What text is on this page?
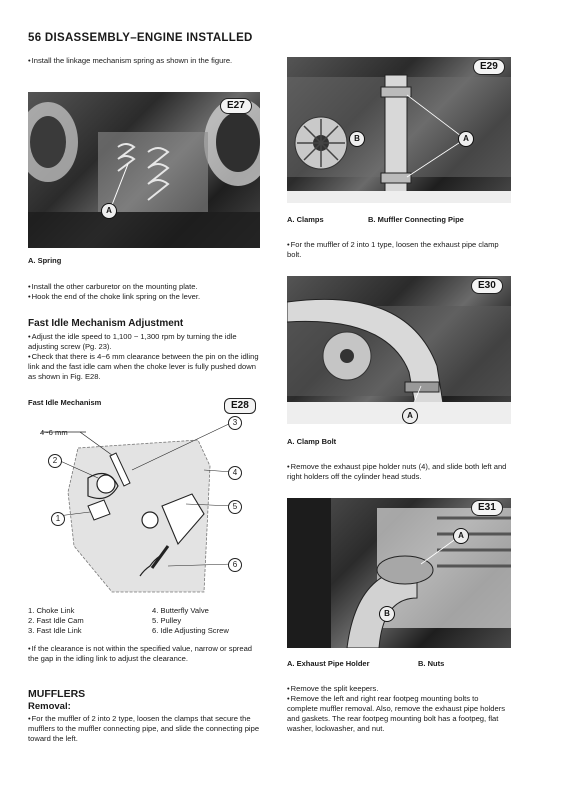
56 DISASSEMBLY–ENGINE INSTALLED
• Install the linkage mechanism spring as shown in the figure.
E27
A
A. Spring
• Install the other carburetor on the mounting plate.
• Hook the end of the choke link spring on the lever.
Fast Idle Mechanism Adjustment
• Adjust the idle speed to 1,100 ~ 1,300 rpm by turning the idle adjusting screw (Pg. 23).
• Check that there is 4~6 mm clearance between the pin on the idling link and the fast idle cam when the choke lever is fully pushed down as shown in Fig. E28.
Fast Idle Mechanism	E28
4~6 mm
1
2
3
4
5
6
1. Choke Link	4. Butterfly Valve
2. Fast Idle Cam	5. Pulley
3. Fast Idle Link	6. Idle Adjusting Screw
• If the clearance is not within the specified value, narrow or spread the gap in the idling link to adjust the clearance.
MUFFLERS
Removal:
• For the muffler of 2 into 2 type, loosen the clamps that secure the mufflers to the muffler connecting pipe, and slide the connecting pipe toward the left.
E29
B	A
A. Clamps	B. Muffler Connecting Pipe
• For the muffler of 2 into 1 type, loosen the exhaust pipe clamp bolt.
E30
A
A. Clamp Bolt
• Remove the exhaust pipe holder nuts (4), and slide both left and right holders off the cylinder head studs.
E31
A
B
A. Exhaust Pipe Holder	B. Nuts
• Remove the split keepers.
• Remove the left and right rear footpeg mounting bolts to complete muffler removal. Also, remove the exhaust pipe holders and gaskets. The rear footpeg mounting bolt has a footpeg, flat washer, lockwasher, and nut.
